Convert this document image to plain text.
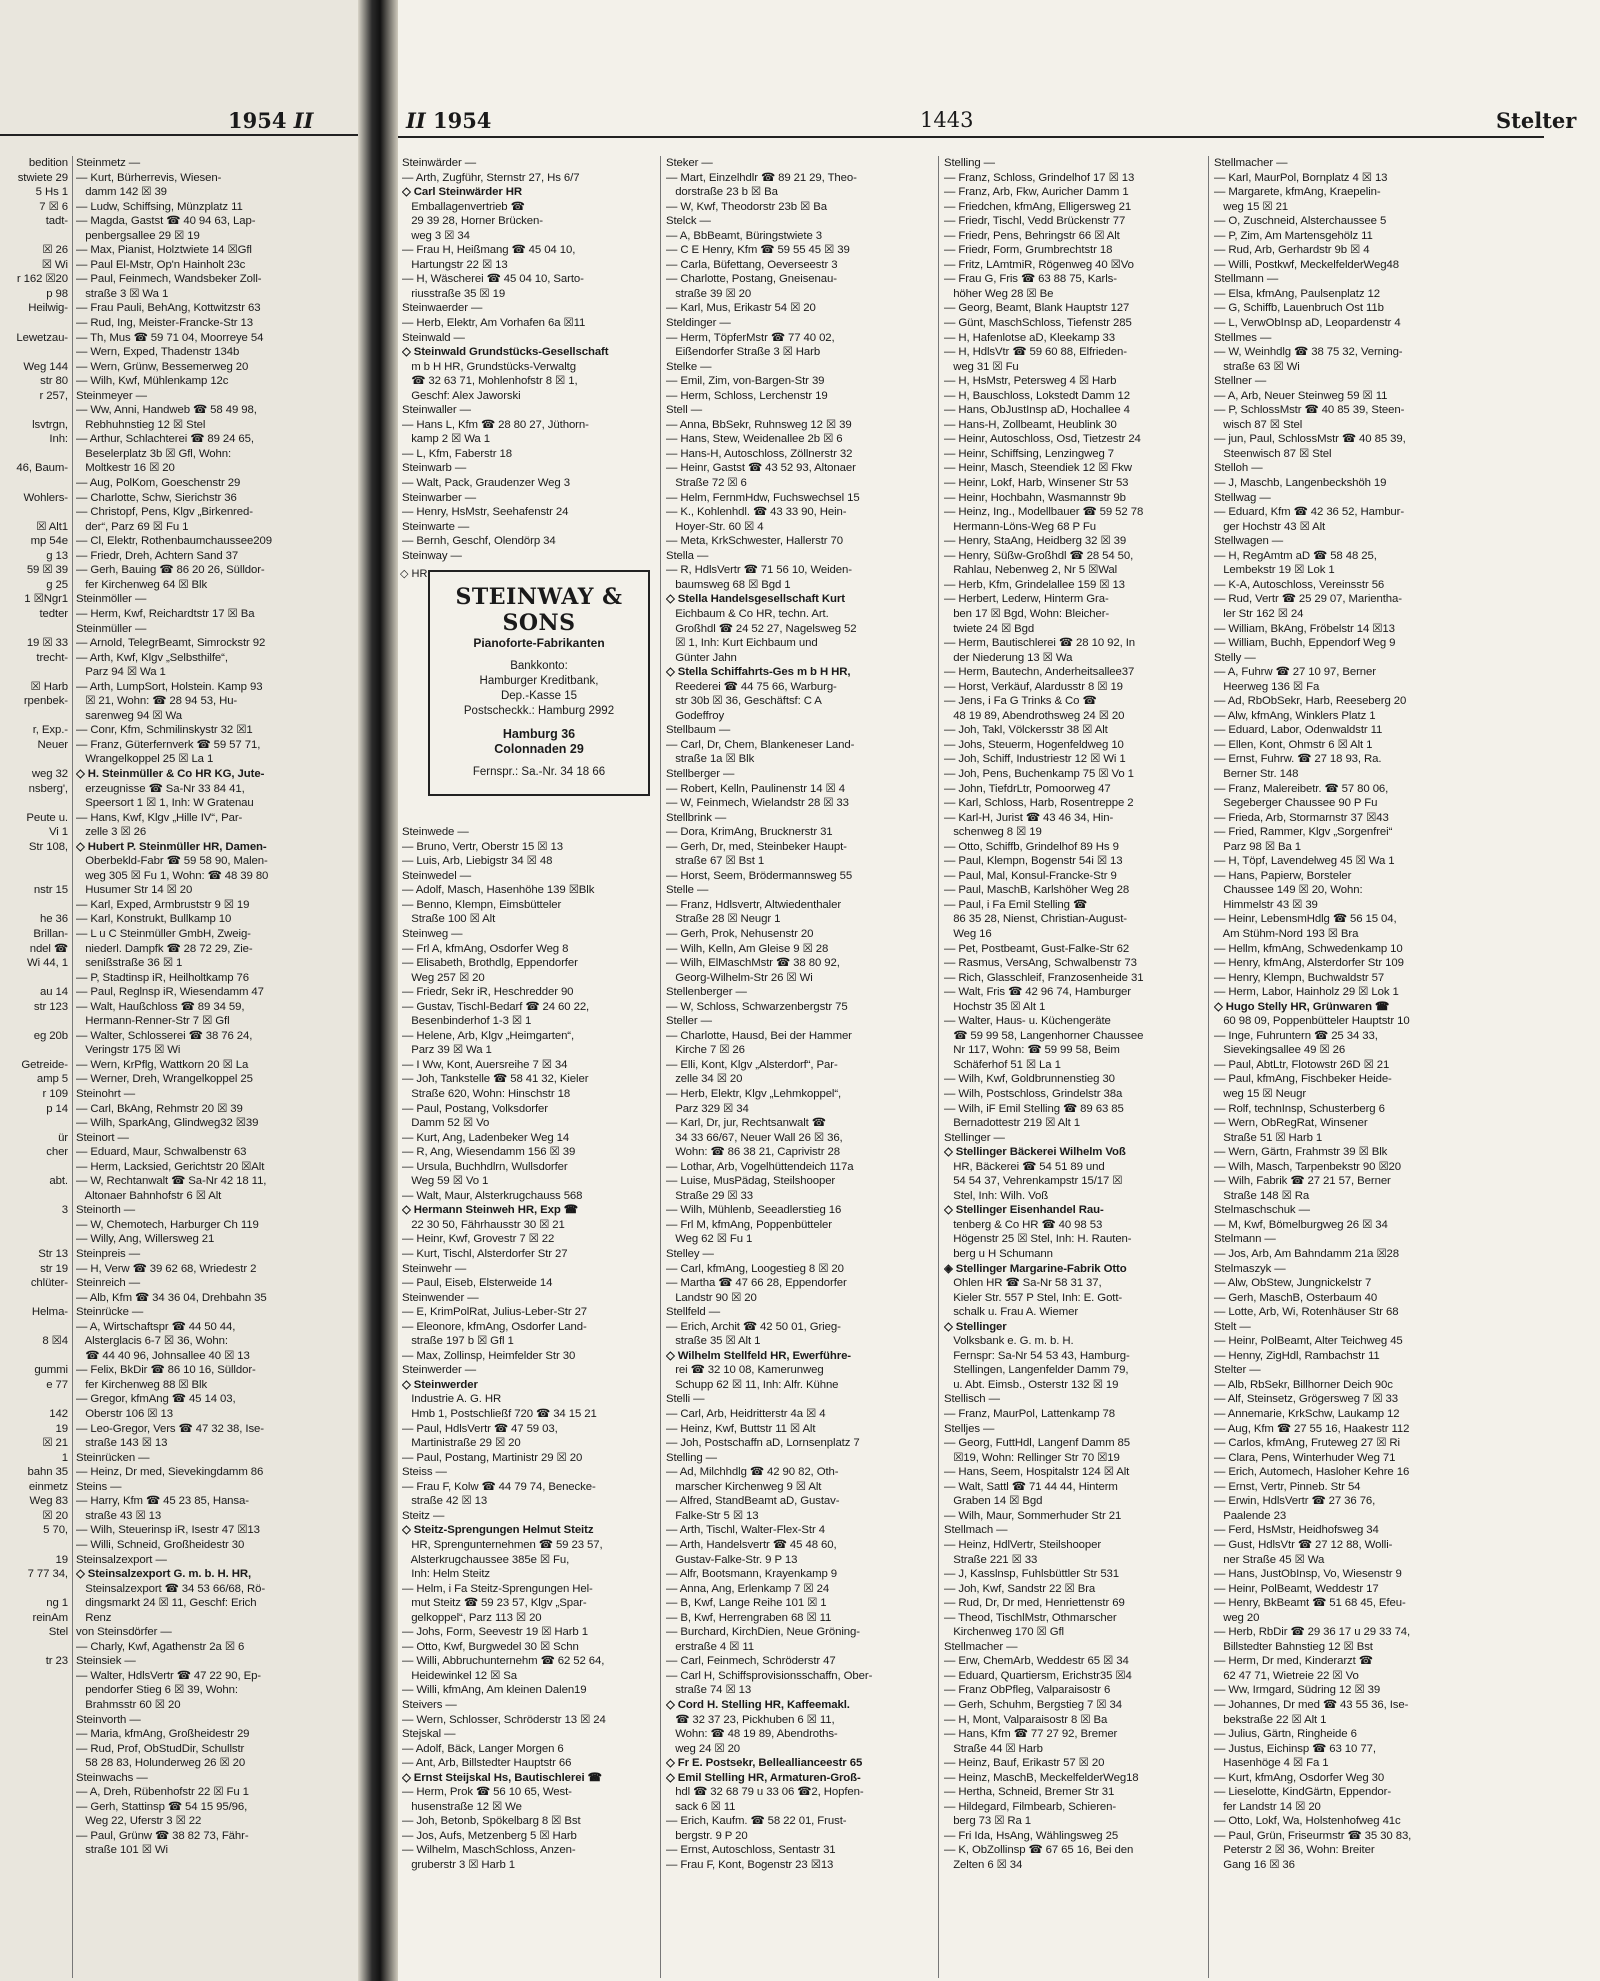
1954 II
bedition
stwiete 29
5 Hs 1
7 ☒ 6
tadt-

☒ 26
☒ Wi
r 162 ☒20
p 98
Heilwig-

Lewetzau-

Weg 144
str 80
r 257,

lsvtrgn,
Inh:

46, Baum-

Wohlers-

☒ Alt1
mp 54e
g 13
59 ☒ 39
g 25
1 ☒Ngr1
tedter

19 ☒ 33
trecht-

☒ Harb
rpenbek-

r, Exp.-
Neuer

weg 32
nsberg',

Peute u.
Vi 1
Str 108,

nstr 15

he 36
Brillan-
ndel ☎
Wi 44, 1

au 14
str 123

eg 20b

Getreide-
amp 5
r 109
p 14

ür
cher

abt.

3

Str 13
str 19
chlüter-

Helma-

8 ☒4

gummi
e 77

142
19
☒ 21
1
bahn 35
einmetz
Weg 83
☒ 20
5 70,

19
7 77 34,

ng 1
reinAm
Stel

tr 23
Steinmetz —
— Kurt, Bürherrevis, Wiesen-
damm 142 ☒ 39
— Ludw, Schiffsing, Münzplatz 11
— Magda, Gastst ☎ 40 94 63, Lap-
penbergsallee 29 ☒ 19
— Max, Pianist, Holztwiete 14 ☒Gfl
— Paul El-Mstr, Op'n Hainholt 23c
— Paul, Feinmech, Wandsbeker Zoll-
straße 3 ☒ Wa 1
— Frau Pauli, BehAng, Kottwitzstr 63
— Rud, Ing, Meister-Francke-Str 13
— Th, Mus ☎ 59 71 04, Moorreye 54
— Wern, Exped, Thadenstr 134b
— Wern, Grünw, Bessemerweg 20
— Wilh, Kwf, Mühlenkamp 12c
Steinmeyer —
— Ww, Anni, Handweb ☎ 58 49 98,
Rebhuhnstieg 12 ☒ Stel
— Arthur, Schlachterei ☎ 89 24 65,
Beselerplatz 3b ☒ Gfl, Wohn:
Moltkestr 16 ☒ 20
— Aug, PolKom, Goeschenstr 29
— Charlotte, Schw, Sierichstr 36
— Christopf, Pens, Klgv „Birkenred-
der“, Parz 69 ☒ Fu 1
— Cl, Elektr, Rothenbaumchaussee209
— Friedr, Dreh, Achtern Sand 37
— Gerh, Bauing ☎ 86 20 26, Sülldor-
fer Kirchenweg 64 ☒ Blk
Steinmöller —
— Herm, Kwf, Reichardtstr 17 ☒ Ba
Steinmüller —
— Arnold, TelegrBeamt, Simrockstr 92
— Arth, Kwf, Klgv „Selbsthilfe“,
Parz 94 ☒ Wa 1
— Arth, LumpSort, Holstein. Kamp 93
☒ 21, Wohn: ☎ 28 94 53, Hu-
sarenweg 94 ☒ Wa
— Conr, Kfm, Schmilinskystr 32 ☒1
— Franz, Güterfernverk ☎ 59 57 71,
Wrangelkoppel 25 ☒ La 1
◇ H. Steinmüller & Co HR KG, Jute-
erzeugnisse ☎ Sa-Nr 33 84 41,
Speersort 1 ☒ 1, Inh: W Gratenau
— Hans, Kwf, Klgv „Hille IV“, Par-
zelle 3 ☒ 26
◇ Hubert P. Steinmüller HR, Damen-
Oberbekld-Fabr ☎ 59 58 90, Malen-
weg 305 ☒ Fu 1, Wohn: ☎ 48 39 80
Husumer Str 14 ☒ 20
— Karl, Exped, Armbruststr 9 ☒ 19
— Karl, Konstrukt, Bullkamp 10
— L u C Steinmüller GmbH, Zweig-
niederl. Dampfk ☎ 28 72 29, Zie-
senißstraße 36 ☒ 1
— P, Stadtinsp iR, Heilholtkamp 76
— Paul, Reglnsp iR, Wiesendamm 47
— Walt, Haußchloss ☎ 89 34 59,
Hermann-Renner-Str 7 ☒ Gfl
— Walter, Schlosserei ☎ 38 76 24,
Veringstr 175 ☒ Wi
— Wern, KrPflg, Wattkorn 20 ☒ La
— Werner, Dreh, Wrangelkoppel 25
Steinohrt —
— Carl, BkAng, Rehmstr 20 ☒ 39
— Wilh, SparkAng, Glindweg32 ☒39
Steinort —
— Eduard, Maur, Schwalbenstr 63
— Herm, Lacksied, Gerichtstr 20 ☒Alt
— W, Rechtanwalt ☎ Sa-Nr 42 18 11,
Altonaer Bahnhofstr 6 ☒ Alt
Steinorth —
— W, Chemotech, Harburger Ch 119
— Willy, Ang, Willersweg 21
Steinpreis —
— H, Verw ☎ 39 62 68, Wriedestr 2
Steinreich —
— Alb, Kfm ☎ 34 36 04, Drehbahn 35
Steinrücke —
— A, Wirtschaftspr ☎ 44 50 44,
Alsterglacis 6-7 ☒ 36, Wohn:
☎ 44 40 96, Johnsallee 40 ☒ 13
— Felix, BkDir ☎ 86 10 16, Sülldor-
fer Kirchenweg 88 ☒ Blk
— Gregor, kfmAng ☎ 45 14 03,
Oberstr 106 ☒ 13
— Leo-Gregor, Vers ☎ 47 32 38, Ise-
straße 143 ☒ 13
Steinrücken —
— Heinz, Dr med, Sievekingdamm 86
Steins —
— Harry, Kfm ☎ 45 23 85, Hansa-
straße 43 ☒ 13
— Wilh, Steuerinsp iR, Isestr 47 ☒13
— Willi, Schneid, Großheidestr 30
Steinsalzexport —
◇ Steinsalzexport G. m. b. H. HR,
Steinsalzexport ☎ 34 53 66/68, Rö-
dingsmarkt 24 ☒ 11, Geschf: Erich
Renz
von Steinsdörfer —
— Charly, Kwf, Agathenstr 2a ☒ 6
Steinsiek —
— Walter, HdlsVertr ☎ 47 22 90, Ep-
pendorfer Stieg 6 ☒ 39, Wohn:
Brahmsstr 60 ☒ 20
Steinvorth —
— Maria, kfmAng, Großheidestr 29
— Rud, Prof, ObStudDir, Schullstr
58 28 83, Holunderweg 26 ☒ 20
Steinwachs —
— A, Dreh, Rübenhofstr 22 ☒ Fu 1
— Gerh, Stattinsp ☎ 54 15 95/96,
Weg 22, Uferstr 3 ☒ 22
— Paul, Grünw ☎ 38 82 73, Fähr-
straße 101 ☒ Wi
II 1954	1443	Stelter
Steinwärder —
— Arth, Zugführ, Sternstr 27, Hs 6/7
◇ Carl Steinwärder HR
Emballagenvertrieb ☎
29 39 28, Horner Brücken-
weg 3 ☒ 34
— Frau H, Heißmang ☎ 45 04 10,
Hartungstr 22 ☒ 13
— H, Wäscherei ☎ 45 04 10, Sarto-
riusstraße 35 ☒ 19
Steinwaerder —
— Herb, Elektr, Am Vorhafen 6a ☒11
Steinwald —
◇ Steinwald Grundstücks-Gesellschaft
m b H HR, Grundstücks-Verwaltg
☎ 32 63 71, Mohlenhofstr 8 ☒ 1,
Geschf: Alex Jaworski
Steinwaller —
— Hans L, Kfm ☎ 28 80 27, Jüthorn-
kamp 2 ☒ Wa 1
— L, Kfm, Faberstr 18
Steinwarb —
— Walt, Pack, Graudenzer Weg 3
Steinwarber —
— Henry, HsMstr, Seehafenstr 24
Steinwarte —
— Bernh, Geschf, Olendörp 34
Steinway —

Steinwede —
— Bruno, Vertr, Oberstr 15 ☒ 13
— Luis, Arb, Liebigstr 34 ☒ 48
Steinwedel —
— Adolf, Masch, Hasenhöhe 139 ☒Blk
— Benno, Klempn, Eimsbütteler
Straße 100 ☒ Alt
Steinweg —
— Frl A, kfmAng, Osdorfer Weg 8
— Elisabeth, Brothdlg, Eppendorfer
Weg 257 ☒ 20
— Friedr, Sekr iR, Heschredder 90
— Gustav, Tischl-Bedarf ☎ 24 60 22,
Besenbinderhof 1-3 ☒ 1
— Helene, Arb, Klgv „Heimgarten“,
Parz 39 ☒ Wa 1
— I Ww, Kont, Auersreihe 7 ☒ 34
— Joh, Tankstelle ☎ 58 41 32, Kieler
Straße 620, Wohn: Hinschstr 18
— Paul, Postang, Volksdorfer
Damm 52 ☒ Vo
— Kurt, Ang, Ladenbeker Weg 14
— R, Ang, Wiesendamm 156 ☒ 39
— Ursula, Buchhdlrn, Wullsdorfer
Weg 59 ☒ Vo 1
— Walt, Maur, Alsterkrugchauss 568
◇ Hermann Steinweh HR, Exp ☎
22 30 50, Fährhausstr 30 ☒ 21
— Heinr, Kwf, Grovestr 7 ☒ 22
— Kurt, Tischl, Alsterdorfer Str 27
Steinwehr —
— Paul, Eiseb, Elsterweide 14
Steinwender —
— E, KrimPolRat, Julius-Leber-Str 27
— Eleonore, kfmAng, Osdorfer Land-
straße 197 b ☒ Gfl 1
— Max, Zollinsp, Heimfelder Str 30
Steinwerder —
◇ Steinwerder
Industrie A. G. HR
Hmb 1, Postschließf 720 ☎ 34 15 21
— Paul, HdlsVertr ☎ 47 59 03,
Martinistraße 29 ☒ 20
— Paul, Postang, Martinistr 29 ☒ 20
Steiss —
— Frau F, Kolw ☎ 44 79 74, Benecke-
straße 42 ☒ 13
Steitz —
◇ Steitz-Sprengungen Helmut Steitz
HR, Sprengunternehmen ☎ 59 23 57,
Alsterkrugchaussee 385e ☒ Fu,
Inh: Helm Steitz
— Helm, i Fa Steitz-Sprengungen Hel-
mut Steitz ☎ 59 23 57, Klgv „Spar-
gelkoppel“, Parz 113 ☒ 20
— Johs, Form, Seevestr 19 ☒ Harb 1
— Otto, Kwf, Burgwedel 30 ☒ Schn
— Willi, Abbruchunternehm ☎ 62 52 64,
Heidewinkel 12 ☒ Sa
— Willi, kfmAng, Am kleinen Dalen19
Steivers —
— Wern, Schlosser, Schröderstr 13 ☒ 24
Stejskal —
— Adolf, Bäck, Langer Morgen 6
— Ant, Arb, Billstedter Hauptstr 66
◇ Ernst Steijskal Hs, Bautischlerei ☎
— Herm, Prok ☎ 56 10 65, West-
husenstraße 12 ☒ We
— Joh, Betonb, Spökelbarg 8 ☒ Bst
— Jos, Aufs, Metzenberg 5 ☒ Harb
— Wilhelm, MaschSchloss, Anzen-
gruberstr 3 ☒ Harb 1
Steker —
— Mart, Einzelhdlr ☎ 89 21 29, Theo-
dorstraße 23 b ☒ Ba
— W, Kwf, Theodorstr 23b ☒ Ba
Stelck —
— A, BbBeamt, Büringstwiete 3
— C E Henry, Kfm ☎ 59 55 45 ☒ 39
— Carla, Büfettang, Oeverseestr 3
— Charlotte, Postang, Gneisenau-
straße 39 ☒ 20
— Karl, Mus, Erikastr 54 ☒ 20
Steldinger —
— Herm, TöpferMstr ☎ 77 40 02,
Eißendorfer Straße 3 ☒ Harb
Stelke —
— Emil, Zim, von-Bargen-Str 39
— Herm, Schloss, Lerchenstr 19
Stell —
— Anna, BbSekr, Ruhnsweg 12 ☒ 39
— Hans, Stew, Weidenallee 2b ☒ 6
— Hans-H, Autoschloss, Zöllnerstr 32
— Heinr, Gastst ☎ 43 52 93, Altonaer
Straße 72 ☒ 6
— Helm, FernmHdw, Fuchswechsel 15
— K., Kohlenhdl. ☎ 43 33 90, Hein-
Hoyer-Str. 60 ☒ 4
— Meta, KrkSchwester, Hallerstr 70
Stella —
— R, HdlsVertr ☎ 71 56 10, Weiden-
baumsweg 68 ☒ Bgd 1
◇ Stella Handelsgesellschaft Kurt
Eichbaum & Co HR, techn. Art.
Großhdl ☎ 24 52 27, Nagelsweg 52
☒ 1, Inh: Kurt Eichbaum und
Günter Jahn
◇ Stella Schiffahrts-Ges m b H HR,
Reederei ☎ 44 75 66, Warburg-
str 30b ☒ 36, Geschäftsf: C A
Godeffroy
Stellbaum —
— Carl, Dr, Chem, Blankeneser Land-
straße 1a ☒ Blk
Stellberger —
— Robert, Kelln, Paulinenstr 14 ☒ 4
— W, Feinmech, Wielandstr 28 ☒ 33
Stellbrink —
— Dora, KrimAng, Brucknerstr 31
— Gerh, Dr, med, Steinbeker Haupt-
straße 67 ☒ Bst 1
— Horst, Seem, Brödermannsweg 55
Stelle —
— Franz, Hdlsvertr, Altwiedenthaler
Straße 28 ☒ Neugr 1
— Gerh, Prok, Nehusenstr 20
— Wilh, Kelln, Am Gleise 9 ☒ 28
— Wilh, ElMaschMstr ☎ 38 80 92,
Georg-Wilhelm-Str 26 ☒ Wi
Stellenberger —
— W, Schloss, Schwarzenbergstr 75
Steller —
— Charlotte, Hausd, Bei der Hammer
Kirche 7 ☒ 26
— Elli, Kont, Klgv „Alsterdorf“, Par-
zelle 34 ☒ 20
— Herb, Elektr, Klgv „Lehmkoppel“,
Parz 329 ☒ 34
— Karl, Dr, jur, Rechtsanwalt ☎
34 33 66/67, Neuer Wall 26 ☒ 36,
Wohn: ☎ 86 38 21, Caprivistr 28
— Lothar, Arb, Vogelhüttendeich 117a
— Luise, MusPädag, Steilshooper
Straße 29 ☒ 33
— Wilh, Mühlenb, Seeadlerstieg 16
— Frl M, kfmAng, Poppenbütteler
Weg 62 ☒ Fu 1
Stelley —
— Carl, kfmAng, Loogestieg 8 ☒ 20
— Martha ☎ 47 66 28, Eppendorfer
Landstr 90 ☒ 20
Stellfeld —
— Erich, Archit ☎ 42 50 01, Grieg-
straße 35 ☒ Alt 1
◇ Wilhelm Stellfeld HR, Ewerführe-
rei ☎ 32 10 08, Kamerunweg
Schupp 62 ☒ 11, Inh: Alfr. Kühne
Stelli —
— Carl, Arb, Heidritterstr 4a ☒ 4
— Heinz, Kwf, Buttstr 11 ☒ Alt
— Joh, Postschaffn aD, Lornsenplatz 7
Stelling —
— Ad, Milchhdlg ☎ 42 90 82, Oth-
marscher Kirchenweg 9 ☒ Alt
— Alfred, StandBeamt aD, Gustav-
Falke-Str 5 ☒ 13
— Arth, Tischl, Walter-Flex-Str 4
— Arth, Handelsvertr ☎ 45 48 60,
Gustav-Falke-Str. 9 P 13
— Alfr, Bootsmann, Krayenkamp 9
— Anna, Ang, Erlenkamp 7 ☒ 24
— B, Kwf, Lange Reihe 101 ☒ 1
— B, Kwf, Herrengraben 68 ☒ 11
— Burchard, KirchDien, Neue Gröning-
erstraße 4 ☒ 11
— Carl, Feinmech, Schröderstr 47
— Carl H, Schiffsprovisionsschaffn, Ober-
straße 74 ☒ 13
◇ Cord H. Stelling HR, Kaffeemakl.
☎ 32 37 23, Pickhuben 6 ☒ 11,
Wohn: ☎ 48 19 89, Abendroths-
weg 24 ☒ 20
◇ Fr E. Postsekr, Belleallianceestr 65
◇ Emil Stelling HR, Armaturen-Groß-
hdl ☎ 32 68 79 u 33 06 ☎2, Hopfen-
sack 6 ☒ 11
— Erich, Kaufm. ☎ 58 22 01, Frust-
bergstr. 9 P 20
— Ernst, Autoschloss, Sentastr 31
— Frau F, Kont, Bogenstr 23 ☒13
Stelling —
— Franz, Schloss, Grindelhof 17 ☒ 13
— Franz, Arb, Fkw, Auricher Damm 1
— Friedchen, kfmAng, Elligersweg 21
— Friedr, Tischl, Vedd Brückenstr 77
— Friedr, Pens, Behringstr 66 ☒ Alt
— Friedr, Form, Grumbrechtstr 18
— Fritz, LAmtmiR, Rögenweg 40 ☒Vo
— Frau G, Fris ☎ 63 88 75, Karls-
höher Weg 28 ☒ Be
— Georg, Beamt, Blank Hauptstr 127
— Günt, MaschSchloss, Tiefenstr 285
— H, Hafenlotse aD, Kleekamp 33
— H, HdlsVtr ☎ 59 60 88, Elfrieden-
weg 31 ☒ Fu
— H, HsMstr, Petersweg 4 ☒ Harb
— H, Bauschloss, Lokstedt Damm 12
— Hans, ObJustInsp aD, Hochallee 4
— Hans-H, Zollbeamt, Heublink 30
— Heinr, Autoschloss, Osd, Tietzestr 24
— Heinr, Schiffsing, Lenzingweg 7
— Heinr, Masch, Steendiek 12 ☒ Fkw
— Heinr, Lokf, Harb, Winsener Str 53
— Heinr, Hochbahn, Wasmannstr 9b
— Heinz, Ing., Modellbauer ☎ 59 52 78
Hermann-Löns-Weg 68 P Fu
— Henry, StaAng, Heidberg 32 ☒ 39
— Henry, Süßw-Großhdl ☎ 28 54 50,
Rahlau, Nebenweg 2, Nr 5 ☒Wal
— Herb, Kfm, Grindelallee 159 ☒ 13
— Herbert, Lederw, Hinterm Gra-
ben 17 ☒ Bgd, Wohn: Bleicher-
twiete 24 ☒ Bgd
— Herm, Bautischlerei ☎ 28 10 92, In
der Niederung 13 ☒ Wa
— Herm, Bautechn, Anderheitsallee37
— Horst, Verkäuf, Alardusstr 8 ☒ 19
— Jens, i Fa G Trinks & Co ☎
48 19 89, Abendrothsweg 24 ☒ 20
— Joh, Takl, Völckersstr 38 ☒ Alt
— Johs, Steuerm, Hogenfeldweg 10
— Joh, Schiff, Industriestr 12 ☒ Wi 1
— Joh, Pens, Buchenkamp 75 ☒ Vo 1
— John, TiefdrLtr, Pomoorweg 47
— Karl, Schloss, Harb, Rosentreppe 2
— Karl-H, Jurist ☎ 43 46 34, Hin-
schenweg 8 ☒ 19
— Otto, Schiffb, Grindelhof 89 Hs 9
— Paul, Klempn, Bogenstr 54i ☒ 13
— Paul, Mal, Konsul-Francke-Str 9
— Paul, MaschB, Karlshöher Weg 28
— Paul, i Fa Emil Stelling ☎
86 35 28, Nienst, Christian-August-
Weg 16
— Pet, Postbeamt, Gust-Falke-Str 62
— Rasmus, VersAng, Schwalbenstr 73
— Rich, Glasschleif, Franzosenheide 31
— Walt, Fris ☎ 42 96 74, Hamburger
Hochstr 35 ☒ Alt 1
— Walter, Haus- u. Küchengeräte
☎ 59 99 58, Langenhorner Chaussee
Nr 117, Wohn: ☎ 59 99 58, Beim
Schäferhof 51 ☒ La 1
— Wilh, Kwf, Goldbrunnenstieg 30
— Wilh, Postschloss, Grindelstr 38a
— Wilh, iF Emil Stelling ☎ 89 63 85
Bernadottestr 219 ☒ Alt 1
Stellinger —
◇ Stellinger Bäckerei Wilhelm Voß
HR, Bäckerei ☎ 54 51 89 und
54 54 37, Vehrenkampstr 15/17 ☒
Stel, Inh: Wilh. Voß
◇ Stellinger Eisenhandel Rau-
tenberg & Co HR ☎ 40 98 53
Högenstr 25 ☒ Stel, Inh: H. Rauten-
berg u H Schumann
◈ Stellinger Margarine-Fabrik Otto
Ohlen HR ☎ Sa-Nr 58 31 37,
Kieler Str. 557 P Stel, Inh: E. Gott-
schalk u. Frau A. Wiemer
◇ Stellinger
Volksbank e. G. m. b. H.
Fernspr: Sa-Nr 54 53 43, Hamburg-
Stellingen, Langenfelder Damm 79,
u. Abt. Eimsb., Osterstr 132 ☒ 19
Stellisch —
— Franz, MaurPol, Lattenkamp 78
Stelljes —
— Georg, FuttHdl, Langenf Damm 85
☒19, Wohn: Rellinger Str 70 ☒19
— Hans, Seem, Hospitalstr 124 ☒ Alt
— Walt, Sattl ☎ 71 44 44, Hinterm
Graben 14 ☒ Bgd
— Wilh, Maur, Sommerhuder Str 21
Stellmach —
— Heinz, HdlVertr, Steilshooper
Straße 221 ☒ 33
— J, Kasslnsp, Fuhlsbüttler Str 531
— Joh, Kwf, Sandstr 22 ☒ Bra
— Rud, Dr, Dr med, Henriettenstr 69
— Theod, TischlMstr, Othmarscher
Kirchenweg 170 ☒ Gfl
Stellmacher —
— Erw, ChemArb, Weddestr 65 ☒ 34
— Eduard, Quartiersm, Erichstr35 ☒4
— Franz ObPfleg, Valparaisostr 6
— Gerh, Schuhm, Bergstieg 7 ☒ 34
— H, Mont, Valparaisostr 8 ☒ Ba
— Hans, Kfm ☎ 77 27 92, Bremer
Straße 44 ☒ Harb
— Heinz, Bauf, Erikastr 57 ☒ 20
— Heinz, MaschB, MeckelfelderWeg18
— Hertha, Schneid, Bremer Str 31
— Hildegard, Filmbearb, Schieren-
berg 73 ☒ Ra 1
— Fri Ida, HsAng, Wählingsweg 25
— K, ObZollinsp ☎ 67 65 16, Bei den
Zelten 6 ☒ 34
Stellmacher —
— Karl, MaurPol, Bornplatz 4 ☒ 13
— Margarete, kfmAng, Kraepelin-
weg 15 ☒ 21
— O, Zuschneid, Alsterchaussee 5
— P, Zim, Am Martensgehölz 11
— Rud, Arb, Gerhardstr 9b ☒ 4
— Willi, Postkwf, MeckelfelderWeg48
Stellmann —
— Elsa, kfmAng, Paulsenplatz 12
— G, Schiffb, Lauenbruch Ost 11b
— L, VerwObInsp aD, Leopardenstr 4
Stellmes —
— W, Weinhdlg ☎ 38 75 32, Verning-
straße 63 ☒ Wi
Stellner —
— A, Arb, Neuer Steinweg 59 ☒ 11
— P, SchlossMstr ☎ 40 85 39, Steen-
wisch 87 ☒ Stel
— jun, Paul, SchlossMstr ☎ 40 85 39,
Steenwisch 87 ☒ Stel
Stelloh —
— J, Maschb, Langenbeckshöh 19
Stellwag —
— Eduard, Kfm ☎ 42 36 52, Hambur-
ger Hochstr 43 ☒ Alt
Stellwagen —
— H, RegAmtm aD ☎ 58 48 25,
Lembekstr 19 ☒ Lok 1
— K-A, Autoschloss, Vereinsstr 56
— Rud, Vertr ☎ 25 29 07, Marientha-
ler Str 162 ☒ 24
— William, BkAng, Fröbelstr 14 ☒13
— William, Buchh, Eppendorf Weg 9
Stelly —
— A, Fuhrw ☎ 27 10 97, Berner
Heerweg 136 ☒ Fa
— Ad, RbObSekr, Harb, Reeseberg 20
— Alw, kfmAng, Winklers Platz 1
— Eduard, Labor, Odenwaldstr 11
— Ellen, Kont, Ohmstr 6 ☒ Alt 1
— Ernst, Fuhrw. ☎ 27 18 93, Ra.
Berner Str. 148
— Franz, Malereibetr. ☎ 57 80 06,
Segeberger Chaussee 90 P Fu
— Frieda, Arb, Stormarnstr 37 ☒43
— Fried, Rammer, Klgv „Sorgenfrei“
Parz 98 ☒ Ba 1
— H, Töpf, Lavendelweg 45 ☒ Wa 1
— Hans, Papierw, Borsteler
Chaussee 149 ☒ 20, Wohn:
Himmelstr 43 ☒ 39
— Heinr, LebensmHdlg ☎ 56 15 04,
Am Stühm-Nord 193 ☒ Bra
— Hellm, kfmAng, Schwedenkamp 10
— Henry, kfmAng, Alsterdorfer Str 109
— Henry, Klempn, Buchwaldstr 57
— Herm, Labor, Hainholz 29 ☒ Lok 1
◇ Hugo Stelly HR, Grünwaren ☎
60 98 09, Poppenbütteler Hauptstr 10
— Inge, Fuhruntern ☎ 25 34 33,
Sievekingsallee 49 ☒ 26
— Paul, AbtLtr, Flotowstr 26D ☒ 21
— Paul, kfmAng, Fischbeker Heide-
weg 15 ☒ Neugr
— Rolf, technInsp, Schusterberg 6
— Wern, ObRegRat, Winsener
Straße 51 ☒ Harb 1
— Wern, Gärtn, Frahmstr 39 ☒ Blk
— Wilh, Masch, Tarpenbekstr 90 ☒20
— Wilh, Fabrik ☎ 27 21 57, Berner
Straße 148 ☒ Ra
Stelmaschschuk —
— M, Kwf, Bömelburgweg 26 ☒ 34
Stelmann —
— Jos, Arb, Am Bahndamm 21a ☒28
Stelmaszyk —
— Alw, ObStew, Jungnickelstr 7
— Gerh, MaschB, Osterbaum 40
— Lotte, Arb, Wi, Rotenhäuser Str 68
Stelt —
— Heinr, PolBeamt, Alter Teichweg 45
— Henny, ZigHdl, Rambachstr 11
Stelter —
— Alb, RbSekr, Billhorner Deich 90c
— Alf, Steinsetz, Grögersweg 7 ☒ 33
— Annemarie, KrkSchw, Laukamp 12
— Aug, Kfm ☎ 27 55 16, Haakestr 112
— Carlos, kfmAng, Fruteweg 27 ☒ Ri
— Clara, Pens, Winterhuder Weg 71
— Erich, Automech, Hasloher Kehre 16
— Ernst, Vertr, Pinneb. Str 54
— Erwin, HdlsVertr ☎ 27 36 76,
Paalende 23
— Ferd, HsMstr, Heidhofsweg 34
— Gust, HdlsVtr ☎ 27 12 88, Wolli-
ner Straße 45 ☒ Wa
— Hans, JustObInsp, Vo, Wiesenstr 9
— Heinr, PolBeamt, Weddestr 17
— Henry, BkBeamt ☎ 51 68 45, Efeu-
weg 20
— Herb, RbDir ☎ 29 36 17 u 29 33 74,
Billstedter Bahnstieg 12 ☒ Bst
— Herm, Dr med, Kinderarzt ☎
62 47 71, Wietreie 22 ☒ Vo
— Ww, Irmgard, Südring 12 ☒ 39
— Johannes, Dr med ☎ 43 55 36, Ise-
bekstraße 22 ☒ Alt 1
— Julius, Gärtn, Ringheide 6
— Justus, Eichinsp ☎ 63 10 77,
Hasenhöge 4 ☒ Fa 1
— Kurt, kfmAng, Osdorfer Weg 30
— Lieselotte, KindGärtn, Eppendor-
fer Landstr 14 ☒ 20
— Otto, Lokf, Wa, Holstenhofweg 41c
— Paul, Grün, Friseurmstr ☎ 35 30 83,
Peterstr 2 ☒ 36, Wohn: Breiter
Gang 16 ☒ 36
◇ HR
STEINWAY & SONS
Pianoforte-Fabrikanten
Bankkonto:
Hamburger Kreditbank,
Dep.-Kasse 15
Postscheckk.: Hamburg 2992
Hamburg 36
Colonnaden 29
Fernspr.: Sa.-Nr. 34 18 66
